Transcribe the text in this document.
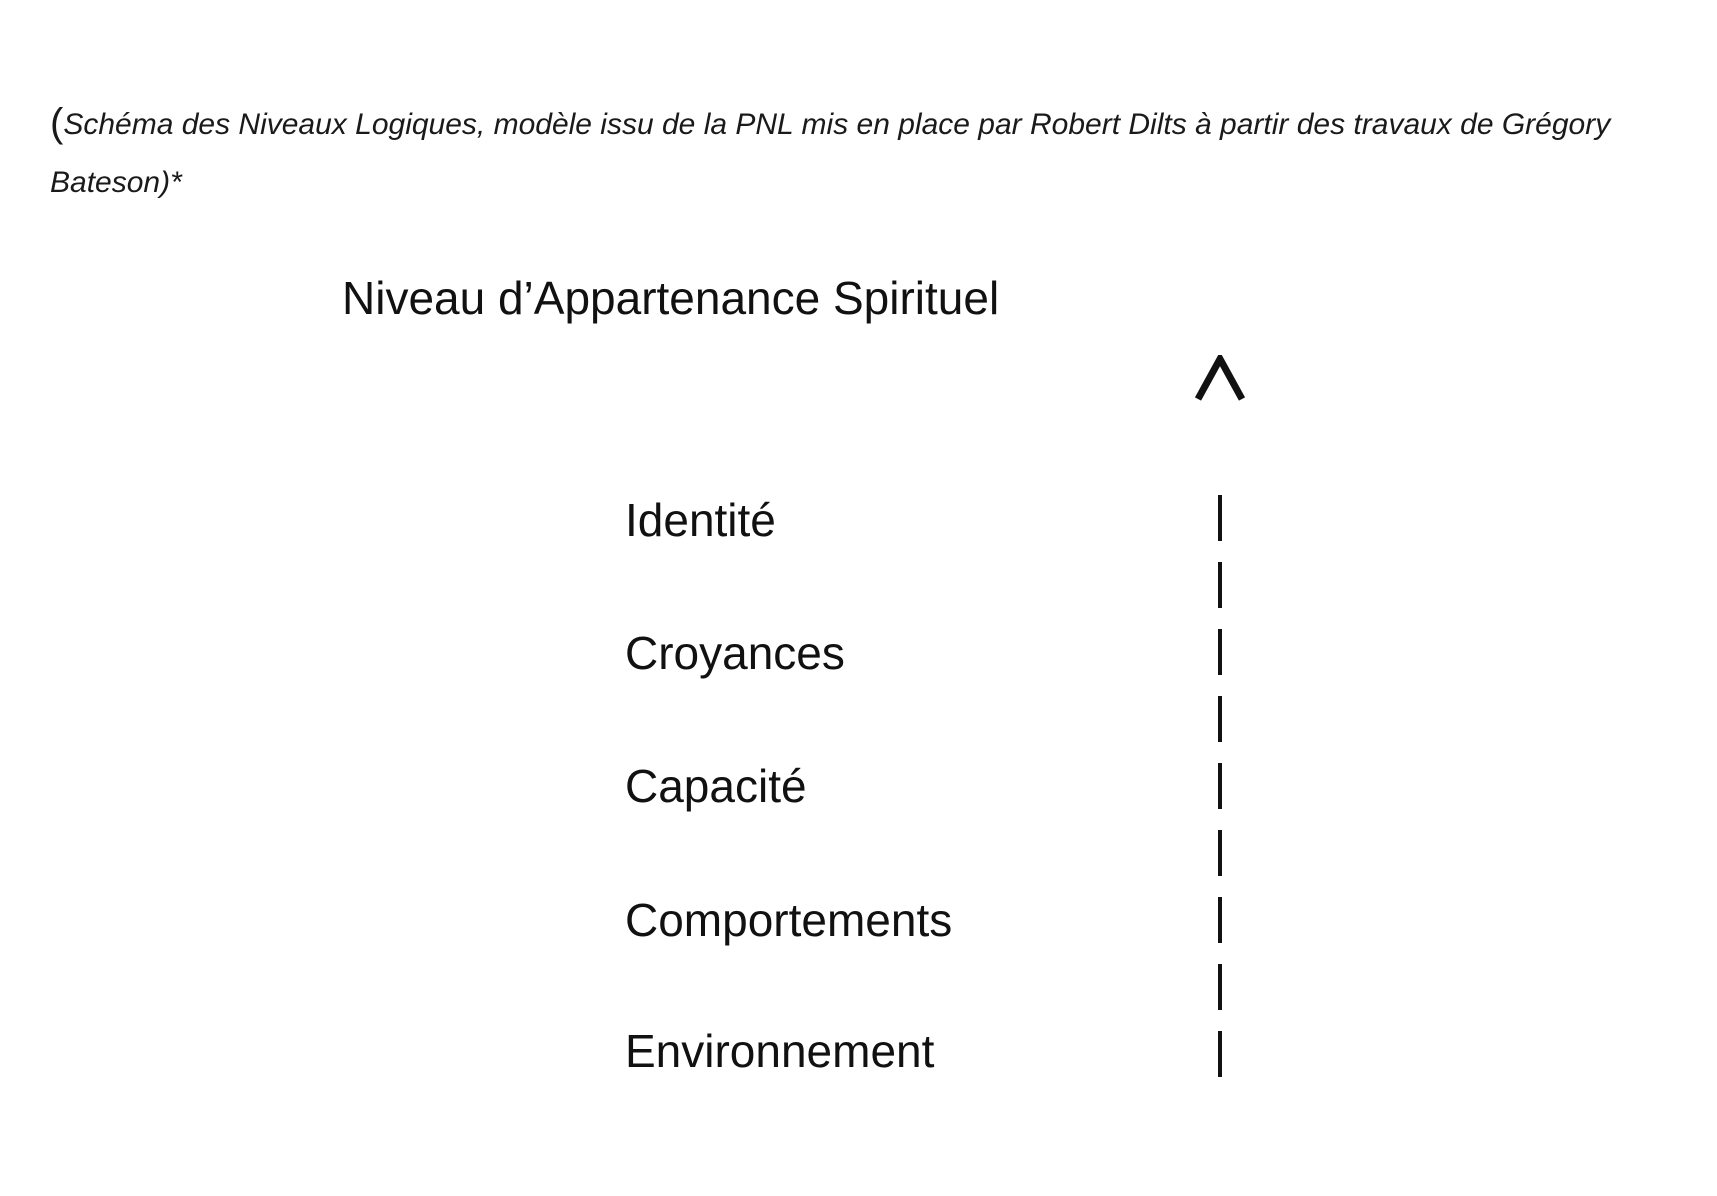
(Schéma des Niveaux Logiques, modèle issu de la PNL mis en place par Robert Dilts à partir des travaux de Grégory Bateson)*

Niveau d’Appartenance Spirituel
Identité
Croyances
Capacité
Comportements
Environnement
